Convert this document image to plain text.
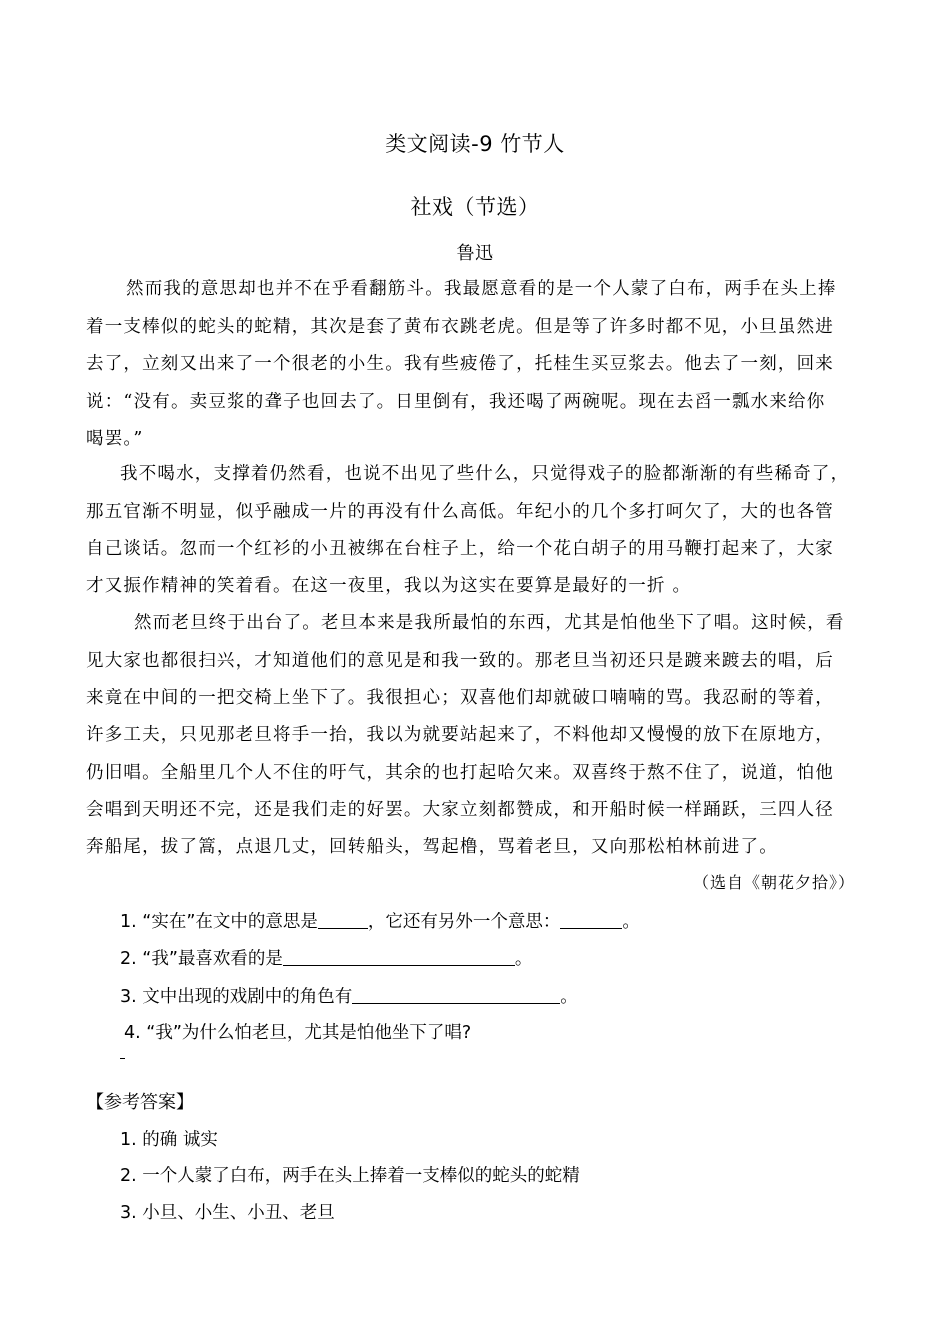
类文阅读-9 竹节人
社戏（节选）
鲁迅
然而我的意思却也并不在乎看翻筋斗。我最愿意看的是一个人蒙了白布，两手在头上捧
着一支棒似的蛇头的蛇精，其次是套了黄布衣跳老虎。但是等了许多时都不见，小旦虽然进
去了，立刻又出来了一个很老的小生。我有些疲倦了，托桂生买豆浆去。他去了一刻，回来
说：“没有。卖豆浆的聋子也回去了。日里倒有，我还喝了两碗呢。现在去舀一瓢水来给你
喝罢。”
我不喝水，支撑着仍然看，也说不出见了些什么，只觉得戏子的脸都渐渐的有些稀奇了，
那五官渐不明显，似乎融成一片的再没有什么高低。年纪小的几个多打呵欠了，大的也各管
自己谈话。忽而一个红衫的小丑被绑在台柱子上，给一个花白胡子的用马鞭打起来了，大家
才又振作精神的笑着看。在这一夜里，我以为这实在要算是最好的一折 。
然而老旦终于出台了。老旦本来是我所最怕的东西，尤其是怕他坐下了唱。这时候，看
见大家也都很扫兴，才知道他们的意见是和我一致的。那老旦当初还只是踱来踱去的唱，后
来竟在中间的一把交椅上坐下了。我很担心；双喜他们却就破口喃喃的骂。我忍耐的等着，
许多工夫，只见那老旦将手一抬，我以为就要站起来了，不料他却又慢慢的放下在原地方，
仍旧唱。全船里几个人不住的吁气，其余的也打起哈欠来。双喜终于熬不住了，说道，怕他
会唱到天明还不完，还是我们走的好罢。大家立刻都赞成，和开船时候一样踊跃，三四人径
奔船尾，拔了篙，点退几丈，回转船头，驾起橹，骂着老旦，又向那松柏林前进了。
（选自《朝花夕拾》）
1. “实在”在文中的意思是	，它还有另外一个意思：	。
2. “我”最喜欢看的是	。
3. 文中出现的戏剧中的角色有	。
4. “我”为什么怕老旦，尤其是怕他坐下了唱?
【参考答案】
1. 的确 诚实
2. 一个人蒙了白布，两手在头上捧着一支棒似的蛇头的蛇精
3. 小旦、小生、小丑、老旦
